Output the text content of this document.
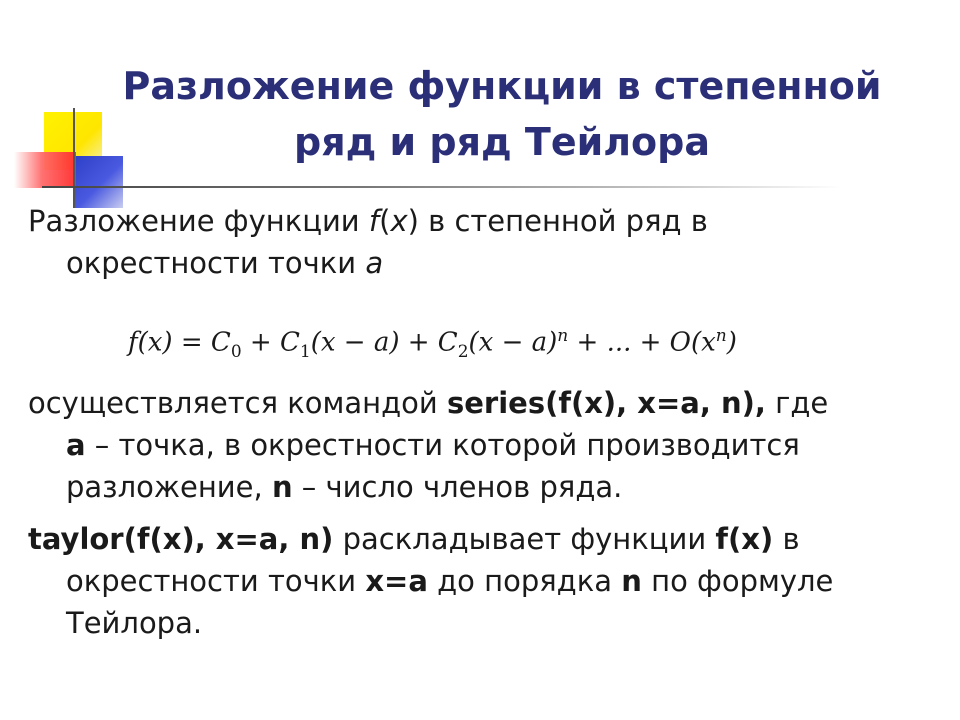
Разложение функции в степенной
ряд и ряд Тейлора
Разложение функции f(x) в степенной ряд в
окрестности точки a
$f(x) = C_0 + C_1(x - a) + C_2(x - a)^n$ + ... + $O(x^n)$
осуществляется командой series(f(x), x=a, n), где
a – точка, в окрестности которой производится
разложение, n – число членов ряда.
taylor(f(x), x=a, n) раскладывает функции f(x) в
окрестности точки x=a до порядка n по формуле
Тейлора.
